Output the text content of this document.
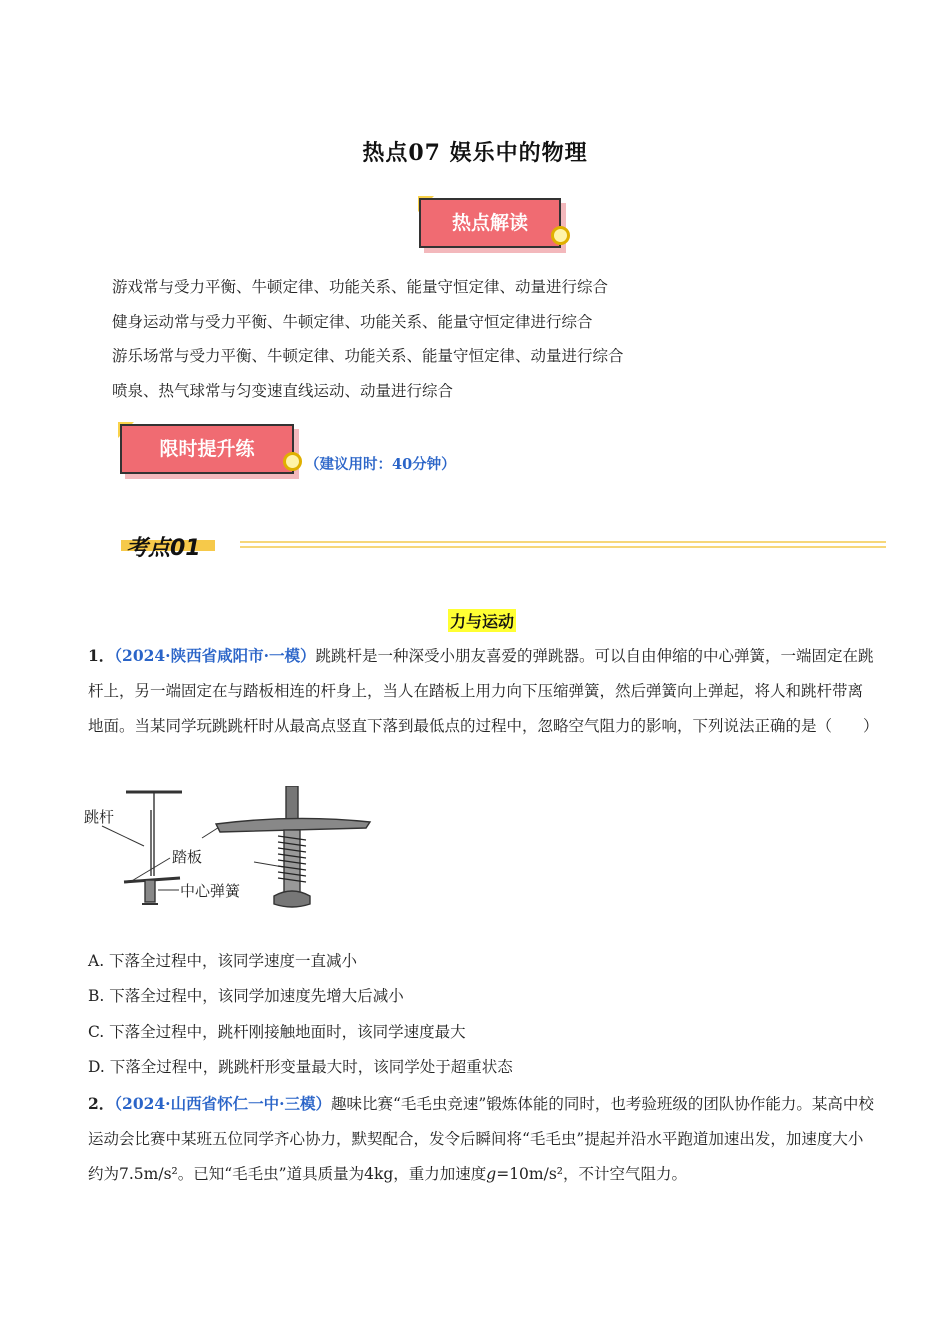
热点07 娱乐中的物理
热点解读

游戏常与受力平衡、牛顿定律、功能关系、能量守恒定律、动量进行综合

健身运动常与受力平衡、牛顿定律、功能关系、能量守恒定律进行综合

游乐场常与受力平衡、牛顿定律、功能关系、能量守恒定律、动量进行综合

喷泉、热气球常与匀变速直线运动、动量进行综合

限时提升练
（建议用时：40分钟）
考点01
力与运动
1．（2024·陕西省咸阳市·一模）跳跳杆是一种深受小朋友喜爱的弹跳器。可以自由伸缩的中心弹簧，一端固定在跳杆上，另一端固定在与踏板相连的杆身上，当人在踏板上用力向下压缩弹簧，然后弹簧向上弹起，将人和跳杆带离地面。当某同学玩跳跳杆时从最高点竖直下落到最低点的过程中，忽略空气阻力的影响，下列说法正确的是（　　）
跳杆
踏板
中心弹簧

A. 下落全过程中，该同学速度一直减小

B. 下落全过程中，该同学加速度先增大后减小

C. 下落全过程中，跳杆刚接触地面时，该同学速度最大

D. 下落全过程中，跳跳杆形变量最大时，该同学处于超重状态

2．（2024·山西省怀仁一中·三模）趣味比赛“毛毛虫竞速”锻炼体能的同时，也考验班级的团队协作能力。某高中校运动会比赛中某班五位同学齐心协力，默契配合，发令后瞬间将“毛毛虫”提起并沿水平跑道加速出发，加速度大小约为7.5m/s²。已知“毛毛虫”道具质量为4kg，重力加速度g=10m/s²，不计空气阻力。
